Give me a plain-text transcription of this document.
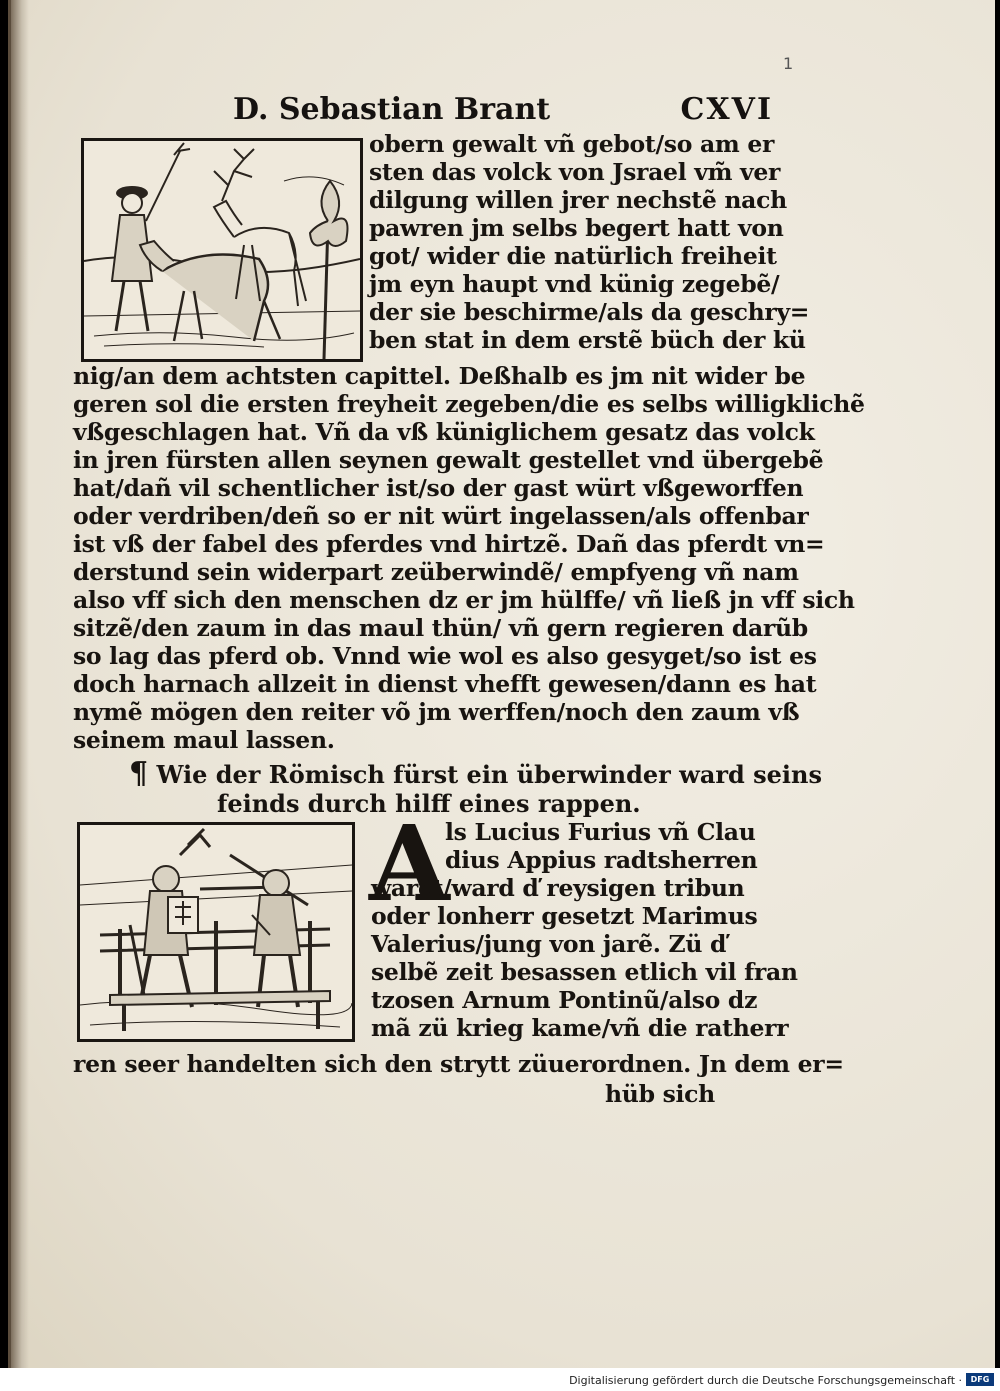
1
D. Sebastian Brant	CXVI
obern gewalt vñ gebot/so am er
sten das volck von Jsrael vm̃ ver
dilgung willen jrer nechstẽ nach
pawren jm selbs begert hatt von
got/ wider die natürlich freiheit
jm eyn haupt vnd künig zegebẽ/
der sie beschirme/als da geschry=
ben stat in dem erstẽ büch der kü
nig/an dem achtsten capittel. Deßhalb es jm nit wider be
geren sol die ersten freyheit zegeben/die es selbs willigklichẽ
vßgeschlagen hat. Vñ da vß küniglichem gesatz das volck
in jren fürsten allen seynen gewalt gestellet vnd übergebẽ
hat/dañ vil schentlicher ist/so der gast würt vßgeworffen
oder verdriben/deñ so er nit würt ingelassen/als offenbar
ist vß der fabel des pferdes vnd hirtzẽ. Dañ das pferdt vn=
derstund sein widerpart zeüberwindẽ/ empfyeng vñ nam
also vff sich den menschen dz er jm hülffe/ vñ ließ jn vff sich
sitzẽ/den zaum in das maul thün/ vñ gern regieren darũb
so lag das pferd ob. Vnnd wie wol es also gesyget/so ist es
doch harnach allzeit in dienst vhefft gewesen/dann es hat
nymẽ mögen den reiter võ jm werffen/noch den zaum vß
seinem maul lassen.
¶ Wie der Römisch fürst ein überwinder ward seins
feinds durch hilff eines rappen.
A
ls Lucius Furius vñ Clau
dius Appius radtsherren
warẽt/ward ď reysigen tribun
oder lonherr gesetzt Marimus
Valerius/jung von jarẽ. Zü ď
selbẽ zeit besassen etlich vil fran
tzosen Arnum Pontinũ/also dz
mã zü krieg kame/vñ die ratherr
ren seer handelten sich den strytt züuerordnen. Jn dem er=
hüb sich
Digitalisierung gefördert durch die Deutsche Forschungsgemeinschaft ·	DFG
